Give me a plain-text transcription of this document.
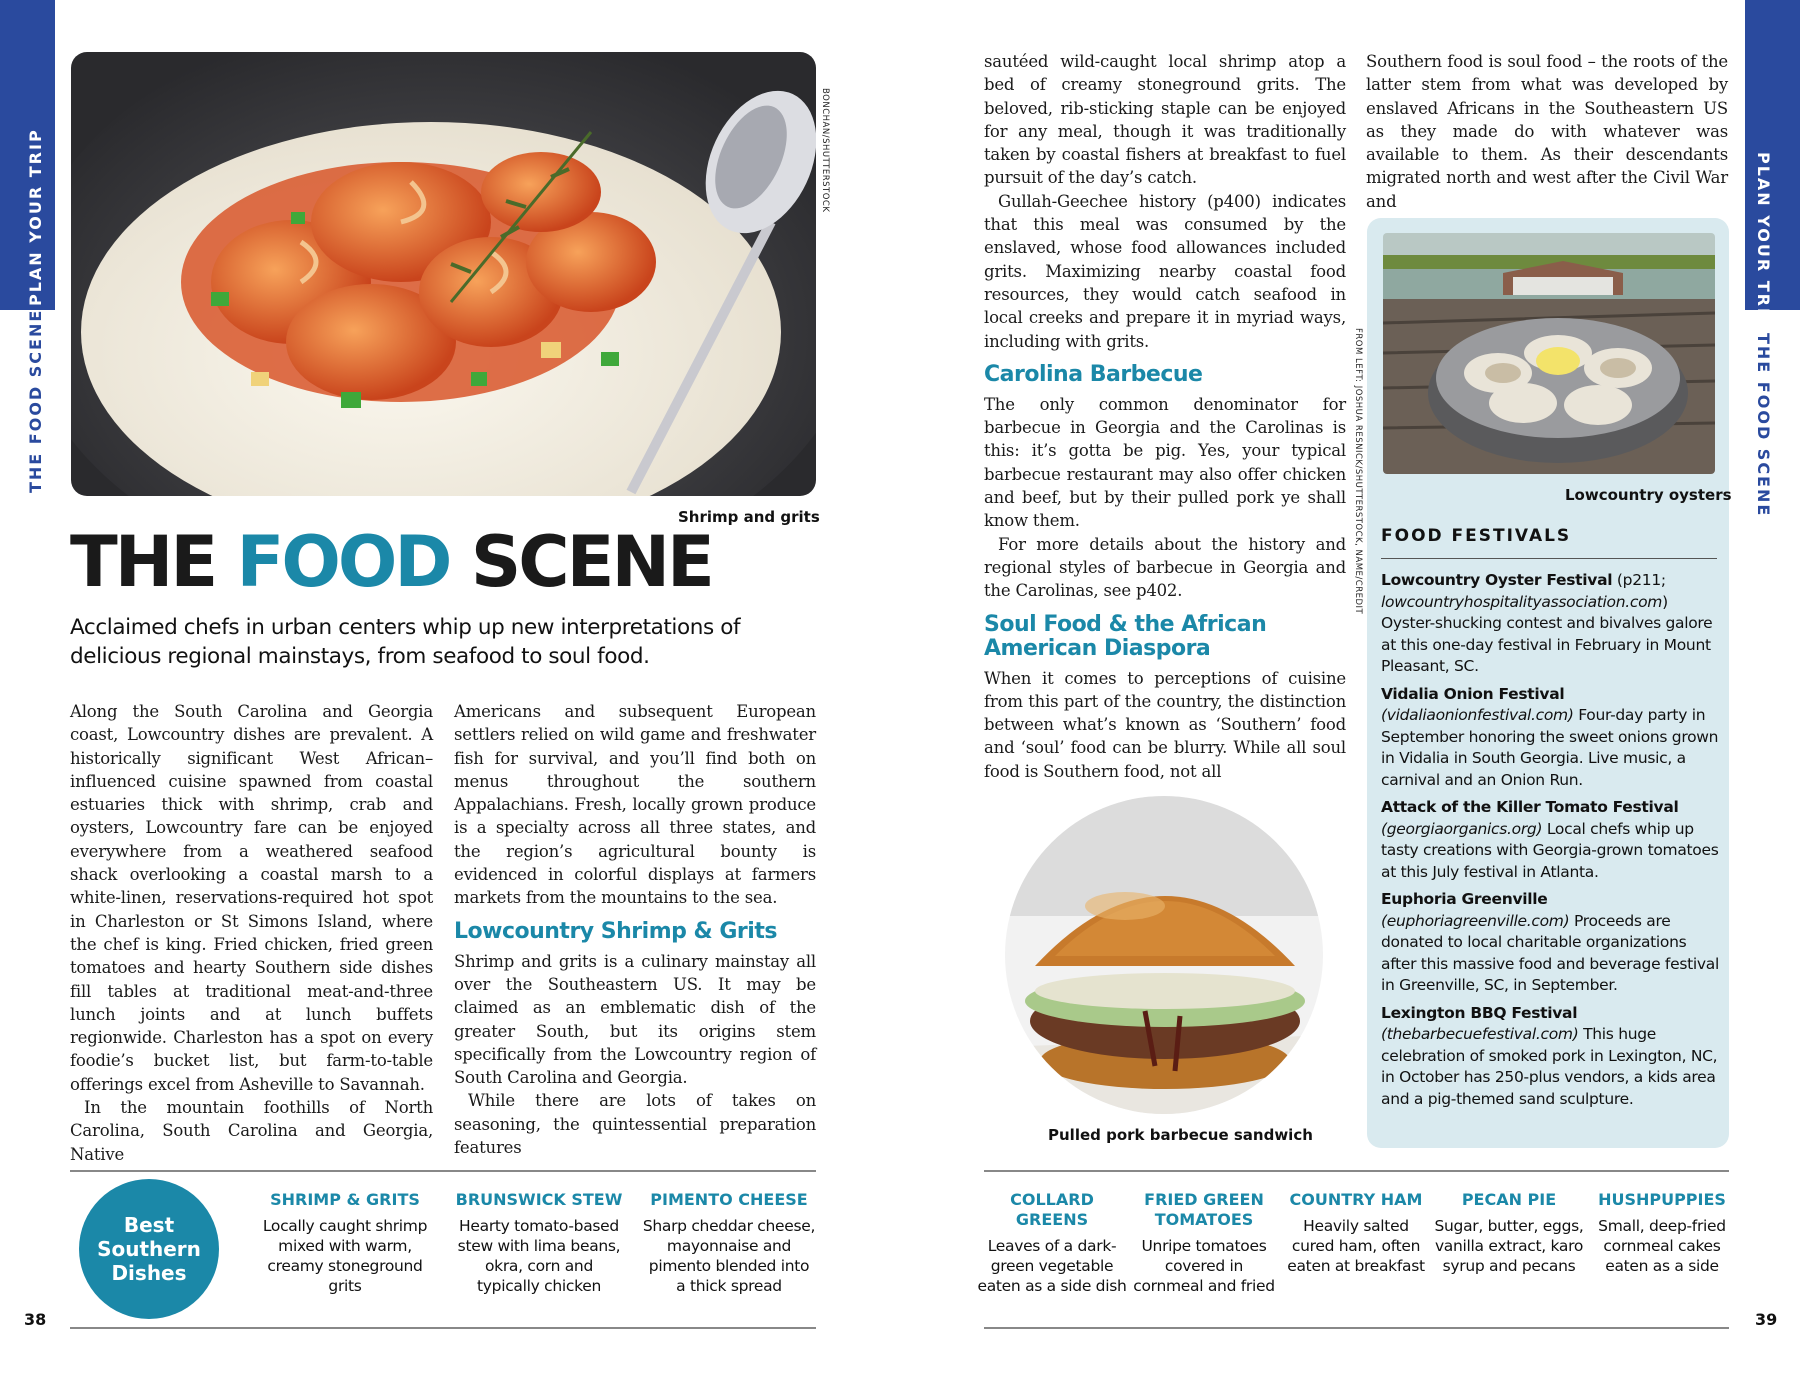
PLAN YOUR TRIP
THE FOOD SCENE
PLAN YOUR TRIP
THE FOOD SCENE
BONCHAN/SHUTTERSTOCK
Shrimp and grits
THE FOOD SCENE
Acclaimed chefs in urban centers whip up new interpretations of delicious regional mainstays, from seafood to soul food.

Along the South Carolina and Georgia coast, Lowcountry dishes are prevalent. A historically significant West African–influenced cuisine spawned from coastal estuaries thick with shrimp, crab and oysters, Lowcountry fare can be enjoyed everywhere from a weathered seafood shack overlooking a coastal marsh to a white-linen, reservations-required hot spot in Charleston or St Simons Island, where the chef is king. Fried chicken, fried green tomatoes and hearty Southern side dishes fill tables at traditional meat-and-three lunch joints and at lunch buffets regionwide. Charleston has a spot on every foodie’s bucket list, but farm-to-table offerings excel from Asheville to Savannah.

In the mountain foothills of North Carolina, South Carolina and Georgia, Native

Americans and subsequent European settlers relied on wild game and freshwater fish for survival, and you’ll find both on menus throughout the southern Appalachians. Fresh, locally grown produce is a specialty across all three states, and the region’s agricultural bounty is evidenced in colorful displays at farmers markets from the mountains to the sea.

Lowcountry Shrimp & Grits

Shrimp and grits is a culinary mainstay all over the Southeastern US. It may be claimed as an emblematic dish of the greater South, but its origins stem specifically from the Lowcountry region of South Carolina and Georgia.

While there are lots of takes on seasoning, the quintessential preparation features

sautéed wild-caught local shrimp atop a bed of creamy stoneground grits. The beloved, rib-sticking staple can be enjoyed for any meal, though it was traditionally taken by coastal fishers at breakfast to fuel pursuit of the day’s catch.

Gullah-Geechee history (p400) indicates that this meal was consumed by the enslaved, whose food allowances included grits. Maximizing nearby coastal food resources, they would catch seafood in local creeks and prepare it in myriad ways, including with grits.

Carolina Barbecue

The only common denominator for barbecue in Georgia and the Carolinas is this: it’s gotta be pig. Yes, your typical barbecue restaurant may also offer chicken and beef, but by their pulled pork ye shall know them.

For more details about the history and regional styles of barbecue in Georgia and the Carolinas, see p402.

Soul Food & the African American Diaspora

When it comes to perceptions of cuisine from this part of the country, the distinction between what’s known as ‘Southern’ food and ‘soul’ food can be blurry. While all soul food is Southern food, not all

FROM LEFT: JOSHUA RESNICK/SHUTTERSTOCK, NAME/CREDIT

Southern food is soul food – the roots of the latter stem from what was developed by enslaved Africans in the Southeastern US as they made do with whatever was available to them. As their descendants migrated north and west after the Civil War and

Lowcountry oysters
FOOD FESTIVALS
Lowcountry Oyster Festival (p211; lowcountryhospitalityassociation.com) Oyster-shucking contest and bivalves galore at this one-day festival in February in Mount Pleasant, SC.
Vidalia Onion Festival (vidaliaonionfestival.com) Four-day party in September honoring the sweet onions grown in Vidalia in South Georgia. Live music, a carnival and an Onion Run.
Attack of the Killer Tomato Festival (georgiaorganics.org) Local chefs whip up tasty creations with Georgia-grown tomatoes at this July festival in Atlanta.
Euphoria Greenville (euphoriagreenville.com) Proceeds are donated to local charitable organizations after this massive food and beverage festival in Greenville, SC, in September.
Lexington BBQ Festival (thebarbecuefestival.com) This huge celebration of smoked pork in Lexington, NC, in October has 250-plus vendors, a kids area and a pig-themed sand sculpture.
Pulled pork barbecue sandwich
Best
Southern
Dishes
SHRIMP & GRITS
Locally caught shrimp mixed with warm, creamy stoneground grits
BRUNSWICK STEW
Hearty tomato-based stew with lima beans, okra, corn and typically chicken
PIMENTO CHEESE
Sharp cheddar cheese, mayonnaise and pimento blended into a thick spread
COLLARD GREENS
Leaves of a dark-green vegetable eaten as a side dish
FRIED GREEN TOMATOES
Unripe tomatoes covered in cornmeal and fried
COUNTRY HAM
Heavily salted cured ham, often eaten at breakfast
PECAN PIE
Sugar, butter, eggs, vanilla extract, karo syrup and pecans
HUSHPUPPIES
Small, deep-fried cornmeal cakes eaten as a side
38	39
